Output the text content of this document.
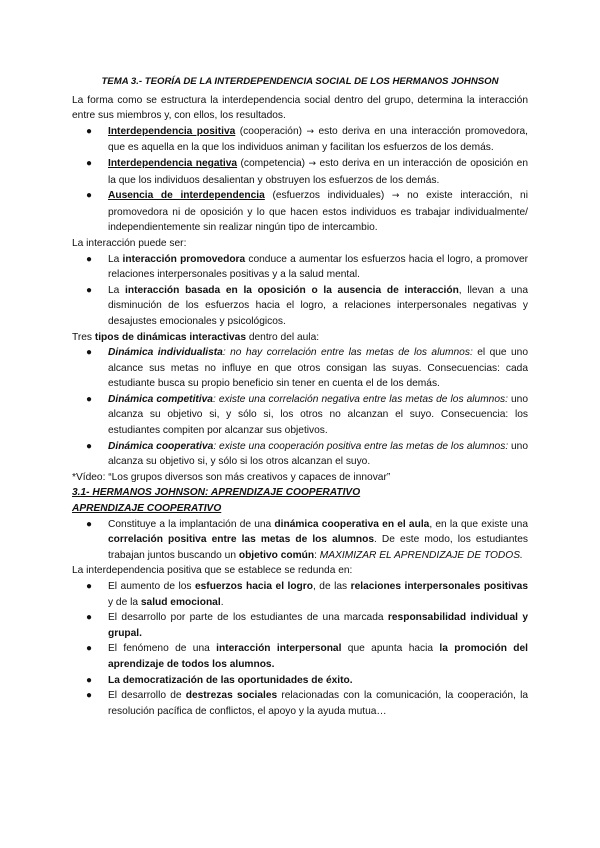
TEMA 3.- TEORÍA DE LA INTERDEPENDENCIA SOCIAL DE LOS HERMANOS JOHNSON

La forma como se estructura la interdependencia social dentro del grupo, determina la interacción entre sus miembros y, con ellos, los resultados.

● Interdependencia positiva (cooperación) → esto deriva en una interacción promovedora, que es aquella en la que los individuos animan y facilitan los esfuerzos de los demás.
● Interdependencia negativa (competencia) → esto deriva en un interacción de oposición en la que los individuos desalientan y obstruyen los esfuerzos de los demás.
● Ausencia de interdependencia (esfuerzos individuales) → no existe interacción, ni promovedora ni de oposición y lo que hacen estos individuos es trabajar individualmente/ independientemente sin realizar ningún tipo de intercambio.

La interacción puede ser:

● La interacción promovedora conduce a aumentar los esfuerzos hacia el logro, a promover relaciones interpersonales positivas y a la salud mental.
● La interacción basada en la oposición o la ausencia de interacción, llevan a una disminución de los esfuerzos hacia el logro, a relaciones interpersonales negativas y desajustes emocionales y psicológicos.

Tres tipos de dinámicas interactivas dentro del aula:

● Dinámica individualista: no hay correlación entre las metas de los alumnos: el que uno alcance sus metas no influye en que otros consigan las suyas. Consecuencias: cada estudiante busca su propio beneficio sin tener en cuenta el de los demás.
● Dinámica competitiva: existe una correlación negativa entre las metas de los alumnos: uno alcanza su objetivo si, y sólo si, los otros no alcanzan el suyo. Consecuencia: los estudiantes compiten por alcanzar sus objetivos.
● Dinámica cooperativa: existe una cooperación positiva entre las metas de los alumnos: uno alcanza su objetivo si, y sólo si los otros alcanzan el suyo.

*Vídeo: “Los grupos diversos son más creativos y capaces de innovar”

3.1- HERMANOS JOHNSON: APRENDIZAJE COOPERATIVO

APRENDIZAJE COOPERATIVO

● Constituye a la implantación de una dinámica cooperativa en el aula, en la que existe una correlación positiva entre las metas de los alumnos. De este modo, los estudiantes trabajan juntos buscando un objetivo común: MAXIMIZAR EL APRENDIZAJE DE TODOS.

La interdependencia positiva que se establece se redunda en:

● El aumento de los esfuerzos hacia el logro, de las relaciones interpersonales positivas y de la salud emocional.
● El desarrollo por parte de los estudiantes de una marcada responsabilidad individual y grupal.
● El fenómeno de una interacción interpersonal que apunta hacia la promoción del aprendizaje de todos los alumnos.
● La democratización de las oportunidades de éxito.
● El desarrollo de destrezas sociales relacionadas con la comunicación, la cooperación, la resolución pacífica de conflictos, el apoyo y la ayuda mutua…
